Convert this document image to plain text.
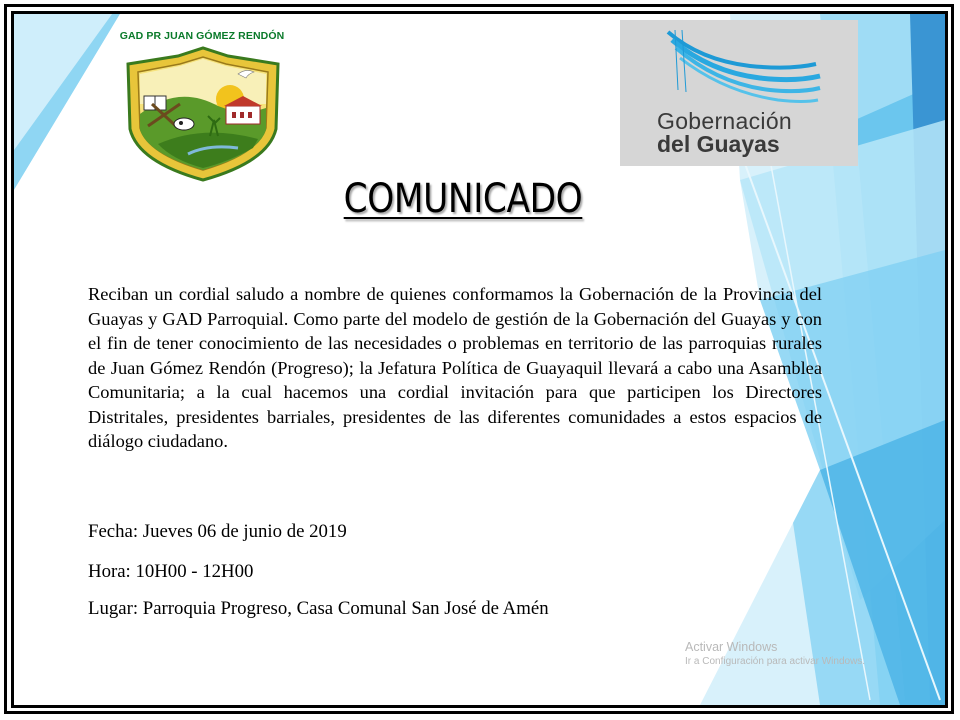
GAD PR JUAN GÓMEZ RENDÓN
Gobernación
del Guayas
COMUNICADO
Reciban un cordial saludo a nombre de quienes conformamos la Gobernación de la Provincia del Guayas y GAD Parroquial. Como parte del modelo de gestión de la Gobernación del Guayas y con el fin de tener conocimiento de las necesidades o problemas en territorio de las parroquias rurales de Juan Gómez Rendón (Progreso); la Jefatura Política de Guayaquil llevará a cabo una Asamblea Comunitaria; a la cual hacemos una cordial invitación para que participen los Directores Distritales, presidentes barriales, presidentes de las diferentes comunidades a estos espacios de diálogo ciudadano.
Fecha: Jueves 06 de junio de 2019
Hora: 10H00 - 12H00
Lugar: Parroquia Progreso, Casa Comunal San José de Amén
Activar Windows
Ir a Configuración para activar Windows.
